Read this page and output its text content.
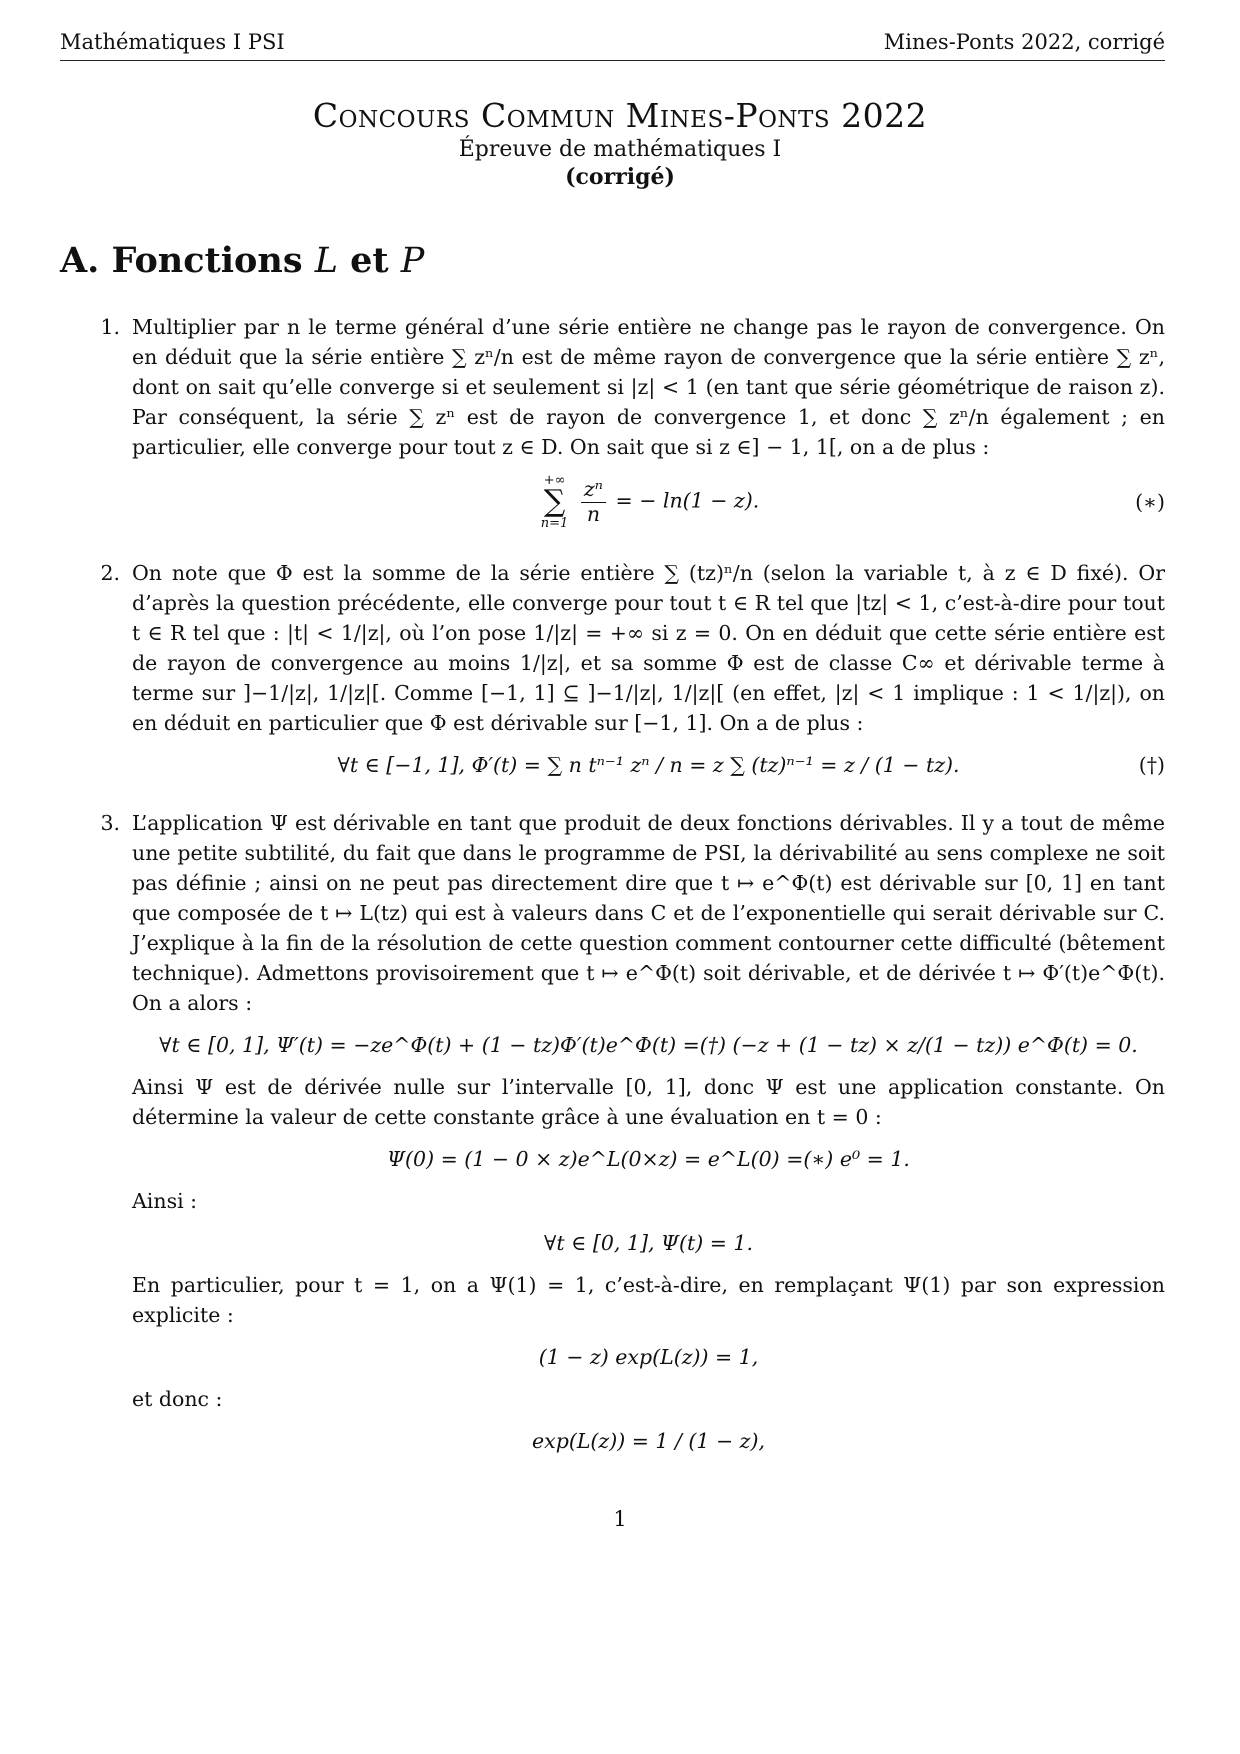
Mathématiques I PSI	Mines-Ponts 2022, corrigé
Concours Commun Mines-Ponts 2022
Épreuve de mathématiques I
(corrigé)
A. Fonctions L et P
1. Multiplier par n le terme général d’une série entière ne change pas le rayon de convergence. On en déduit que la série entière ∑ zⁿ/n est de même rayon de convergence que la série entière ∑ zⁿ, dont on sait qu’elle converge si et seulement si |z| < 1 (en tant que série géométrique de raison z). Par conséquent, la série ∑ zⁿ est de rayon de convergence 1, et donc ∑ zⁿ/n également ; en particulier, elle converge pour tout z ∈ D. On sait que si z ∈] − 1, 1[, on a de plus :

+∞
∑
n=1
$\frac{\text{zⁿ}}{n}$ = − ln(1 − z).	(∗)
2. On note que Φ est la somme de la série entière ∑ (tz)ⁿ/n (selon la variable t, à z ∈ D fixé). Or d’après la question précédente, elle converge pour tout t ∈ R tel que |tz| < 1, c’est-à-dire pour tout t ∈ R tel que : |t| < 1/|z|, où l’on pose 1/|z| = +∞ si z = 0. On en déduit que cette série entière est de rayon de convergence au moins 1/|z|, et sa somme Φ est de classe C∞ et dérivable terme à terme sur ]−1/|z|, 1/|z|[. Comme [−1, 1] ⊆ ]−1/|z|, 1/|z|[ (en effet, |z| < 1 implique : 1 < 1/|z|), on en déduit en particulier que Φ est dérivable sur [−1, 1]. On a de plus :

∀t ∈ [−1, 1], Φ′(t) = ∑ n tⁿ⁻¹ zⁿ / n = z ∑ (tz)ⁿ⁻¹ = z / (1 − tz).	(†)
3. L’application Ψ est dérivable en tant que produit de deux fonctions dérivables. Il y a tout de même une petite subtilité, du fait que dans le programme de PSI, la dérivabilité au sens complexe ne soit pas définie ; ainsi on ne peut pas directement dire que t ↦ e^Φ(t) est dérivable sur [0, 1] en tant que composée de t ↦ L(tz) qui est à valeurs dans C et de l’exponentielle qui serait dérivable sur C. J’explique à la fin de la résolution de cette question comment contourner cette difficulté (bêtement technique). Admettons provisoirement que t ↦ e^Φ(t) soit dérivable, et de dérivée t ↦ Φ′(t)e^Φ(t). On a alors :

∀t ∈ [0, 1], Ψ′(t) = −ze^Φ(t) + (1 − tz)Φ′(t)e^Φ(t) =(†) (−z + (1 − tz) × z/(1 − tz)) e^Φ(t) = 0.

Ainsi Ψ est de dérivée nulle sur l’intervalle [0, 1], donc Ψ est une application constante. On détermine la valeur de cette constante grâce à une évaluation en t = 0 :

Ψ(0) = (1 − 0 × z)e^L(0×z) = e^L(0) =(∗) e⁰ = 1.

Ainsi :

∀t ∈ [0, 1], Ψ(t) = 1.

En particulier, pour t = 1, on a Ψ(1) = 1, c’est-à-dire, en remplaçant Ψ(1) par son expression explicite :

(1 − z) exp(L(z)) = 1,

et donc :

exp(L(z)) = 1 / (1 − z),
1
